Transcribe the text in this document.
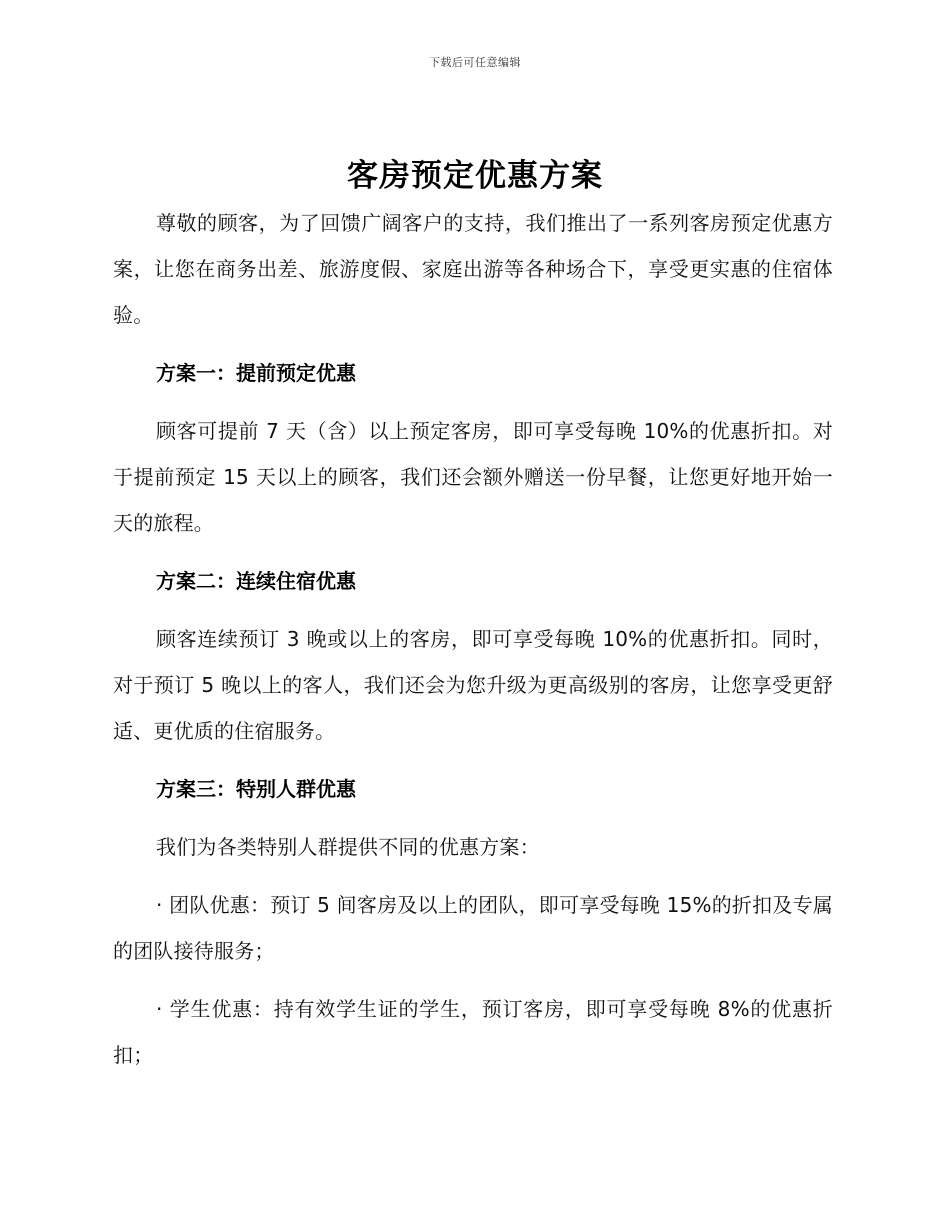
下载后可任意编辑
客房预定优惠方案

尊敬的顾客，为了回馈广阔客户的支持，我们推出了一系列客房预定优惠方案，让您在商务出差、旅游度假、家庭出游等各种场合下，享受更实惠的住宿体验。

方案一：提前预定优惠

顾客可提前 7 天（含）以上预定客房，即可享受每晚 10%的优惠折扣。对于提前预定 15 天以上的顾客，我们还会额外赠送一份早餐，让您更好地开始一天的旅程。

方案二：连续住宿优惠

顾客连续预订 3 晚或以上的客房，即可享受每晚 10%的优惠折扣。同时，对于预订 5 晚以上的客人，我们还会为您升级为更高级别的客房，让您享受更舒适、更优质的住宿服务。

方案三：特别人群优惠

我们为各类特别人群提供不同的优惠方案：

· 团队优惠：预订 5 间客房及以上的团队，即可享受每晚 15%的折扣及专属的团队接待服务；

· 学生优惠：持有效学生证的学生，预订客房，即可享受每晚 8%的优惠折扣；
